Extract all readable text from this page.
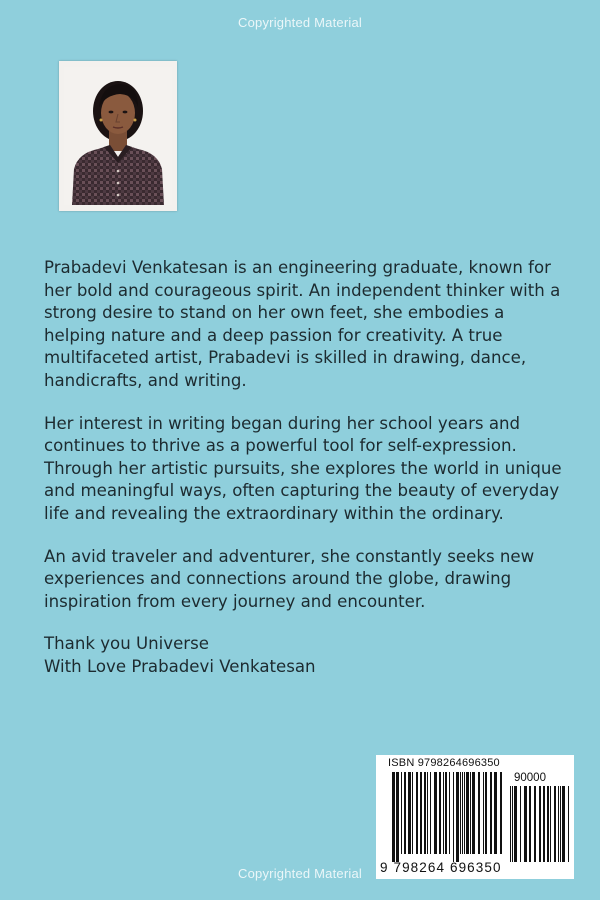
Copyrighted Material

Prabadevi Venkatesan is an engineering graduate, known for
her bold and courageous spirit. An independent thinker with a
strong desire to stand on her own feet, she embodies a
helping nature and a deep passion for creativity. A true
multifaceted artist, Prabadevi is skilled in drawing, dance,
handicrafts, and writing.

Her interest in writing began during her school years and
continues to thrive as a powerful tool for self-expression.
Through her artistic pursuits, she explores the world in unique
and meaningful ways, often capturing the beauty of everyday
life and revealing the extraordinary within the ordinary.

An avid traveler and adventurer, she constantly seeks new
experiences and connections around the globe, drawing
inspiration from every journey and encounter.

Thank you Universe
With Love Prabadevi Venkatesan

ISBN 9798264696350
90000
9 798264 696350
Copyrighted Material
